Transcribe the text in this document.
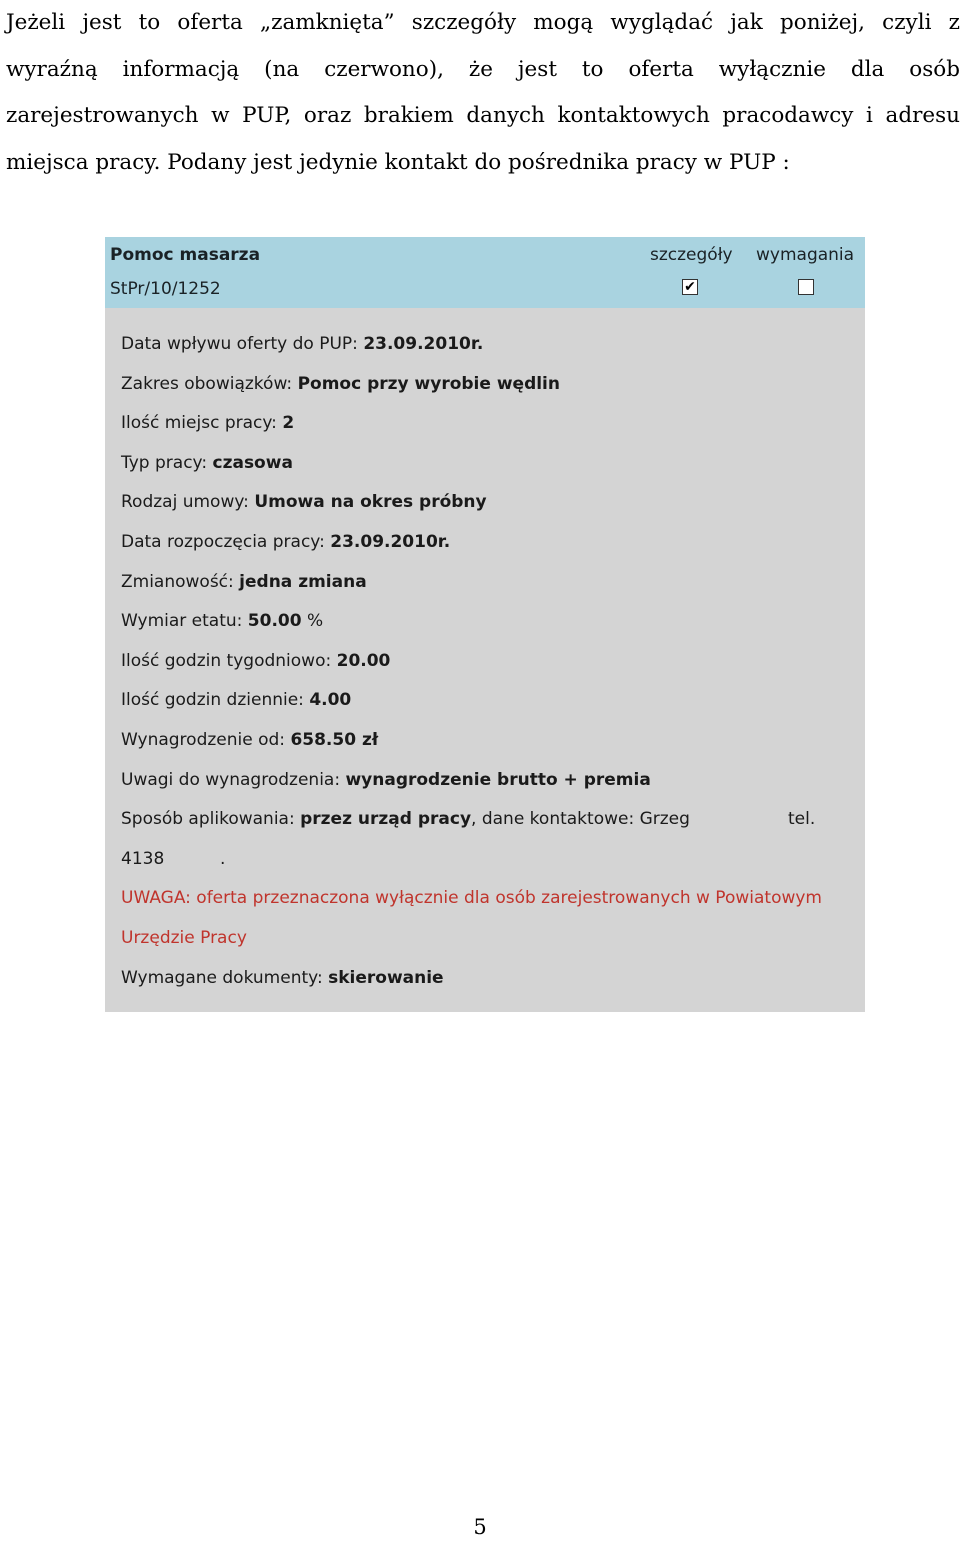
Jeżeli jest to oferta „zamknięta” szczegóły mogą wyglądać jak poniżej, czyli z
wyraźną informacją (na czerwono), że jest to oferta wyłącznie dla osób
zarejestrowanych w PUP, oraz brakiem danych kontaktowych pracodawcy i adresu
miejsca pracy. Podany jest jedynie kontakt do pośrednika pracy w PUP :
Pomoc masarza
StPr/10/1252
szczegóły wymagania
✔
Data wpływu oferty do PUP: 23.09.2010r.
Zakres obowiązków: Pomoc przy wyrobie wędlin
Ilość miejsc pracy: 2
Typ pracy: czasowa
Rodzaj umowy: Umowa na okres próbny
Data rozpoczęcia pracy: 23.09.2010r.
Zmianowość: jedna zmiana
Wymiar etatu: 50.00 %
Ilość godzin tygodniowo: 20.00
Ilość godzin dziennie: 4.00
Wynagrodzenie od: 658.50 zł
Uwagi do wynagrodzenia: wynagrodzenie brutto + premia
Sposób aplikowania: przez urząd pracy, dane kontaktowe: Grzeg	tel.
4138	.
UWAGA: oferta przeznaczona wyłącznie dla osób zarejestrowanych w Powiatowym
Urzędzie Pracy
Wymagane dokumenty: skierowanie
5
